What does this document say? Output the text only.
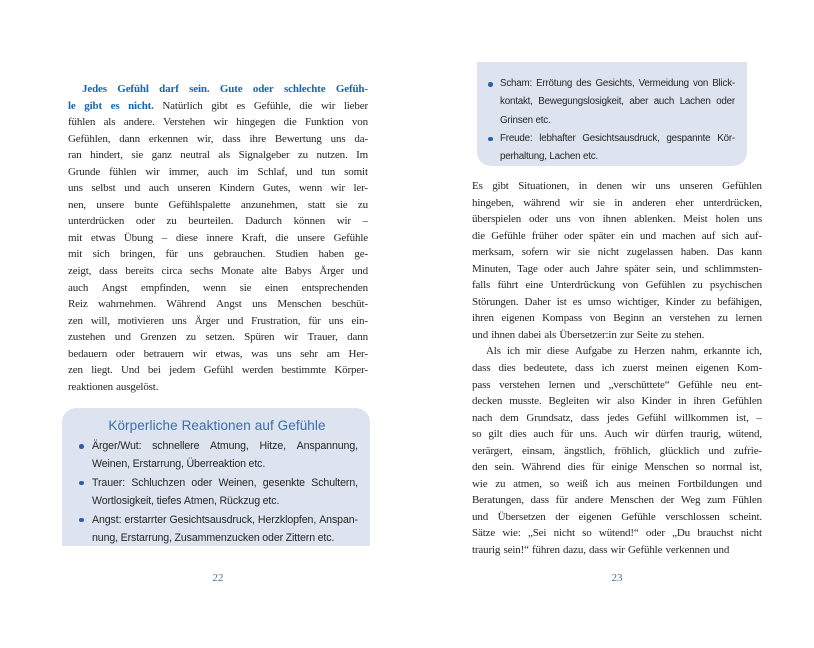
Scham: Errötung des Gesichts, Vermeidung von Blick-
kontakt, Bewegungslosigkeit, aber auch Lachen oder
Grinsen etc.
Freude: lebhafter Gesichtsausdruck, gespannte Kör-
perhaltung, Lachen etc.
Jedes Gefühl darf sein. Gute oder schlechte Gefüh-
le gibt es nicht. Natürlich gibt es Gefühle, die wir lieber
fühlen als andere. Verstehen wir hingegen die Funktion von
Gefühlen, dann erkennen wir, dass ihre Bewertung uns da-
ran hindert, sie ganz neutral als Signalgeber zu nutzen. Im
Grunde fühlen wir immer, auch im Schlaf, und tun somit
uns selbst und auch unseren Kindern Gutes, wenn wir ler-
nen, unsere bunte Gefühlspalette anzunehmen, statt sie zu
unterdrücken oder zu beurteilen. Dadurch können wir –
mit etwas Übung – diese innere Kraft, die unsere Gefühle
mit sich bringen, für uns gebrauchen. Studien haben ge-
zeigt, dass bereits circa sechs Monate alte Babys Ärger und
auch Angst empfinden, wenn sie einen entsprechenden
Reiz wahrnehmen. Während Angst uns Menschen beschüt-
zen will, motivieren uns Ärger und Frustration, für uns ein-
zustehen und Grenzen zu setzen. Spüren wir Trauer, dann
bedauern oder betrauern wir etwas, was uns sehr am Her-
zen liegt. Und bei jedem Gefühl werden bestimmte Körper-
reaktionen ausgelöst.
Körperliche Reaktionen auf Gefühle
Ärger/Wut: schnellere Atmung, Hitze, Anspannung,
Weinen, Erstarrung, Überreaktion etc.
Trauer: Schluchzen oder Weinen, gesenkte Schultern,
Wortlosigkeit, tiefes Atmen, Rückzug etc.
Angst: erstarrter Gesichtsausdruck, Herzklopfen, Anspan-
nung, Erstarrung, Zusammenzucken oder Zittern etc.
Es gibt Situationen, in denen wir uns unseren Gefühlen
hingeben, während wir sie in anderen eher unterdrücken,
überspielen oder uns von ihnen ablenken. Meist holen uns
die Gefühle früher oder später ein und machen auf sich auf-
merksam, sofern wir sie nicht zugelassen haben. Das kann
Minuten, Tage oder auch Jahre später sein, und schlimmsten-
falls führt eine Unterdrückung von Gefühlen zu psychischen
Störungen. Daher ist es umso wichtiger, Kinder zu befähigen,
ihren eigenen Kompass von Beginn an verstehen zu lernen
und ihnen dabei als Übersetzer:in zur Seite zu stehen.
Als ich mir diese Aufgabe zu Herzen nahm, erkannte ich,
dass dies bedeutete, dass ich zuerst meinen eigenen Kom-
pass verstehen lernen und „verschüttete“ Gefühle neu ent-
decken musste. Begleiten wir also Kinder in ihren Gefühlen
nach dem Grundsatz, dass jedes Gefühl willkommen ist, –
so gilt dies auch für uns. Auch wir dürfen traurig, wütend,
verärgert, einsam, ängstlich, fröhlich, glücklich und zufrie-
den sein. Während dies für einige Menschen so normal ist,
wie zu atmen, so weiß ich aus meinen Fortbildungen und
Beratungen, dass für andere Menschen der Weg zum Fühlen
und Übersetzen der eigenen Gefühle verschlossen scheint.
Sätze wie: „Sei nicht so wütend!“ oder „Du brauchst nicht
traurig sein!“ führen dazu, dass wir Gefühle verkennen und
22	23
